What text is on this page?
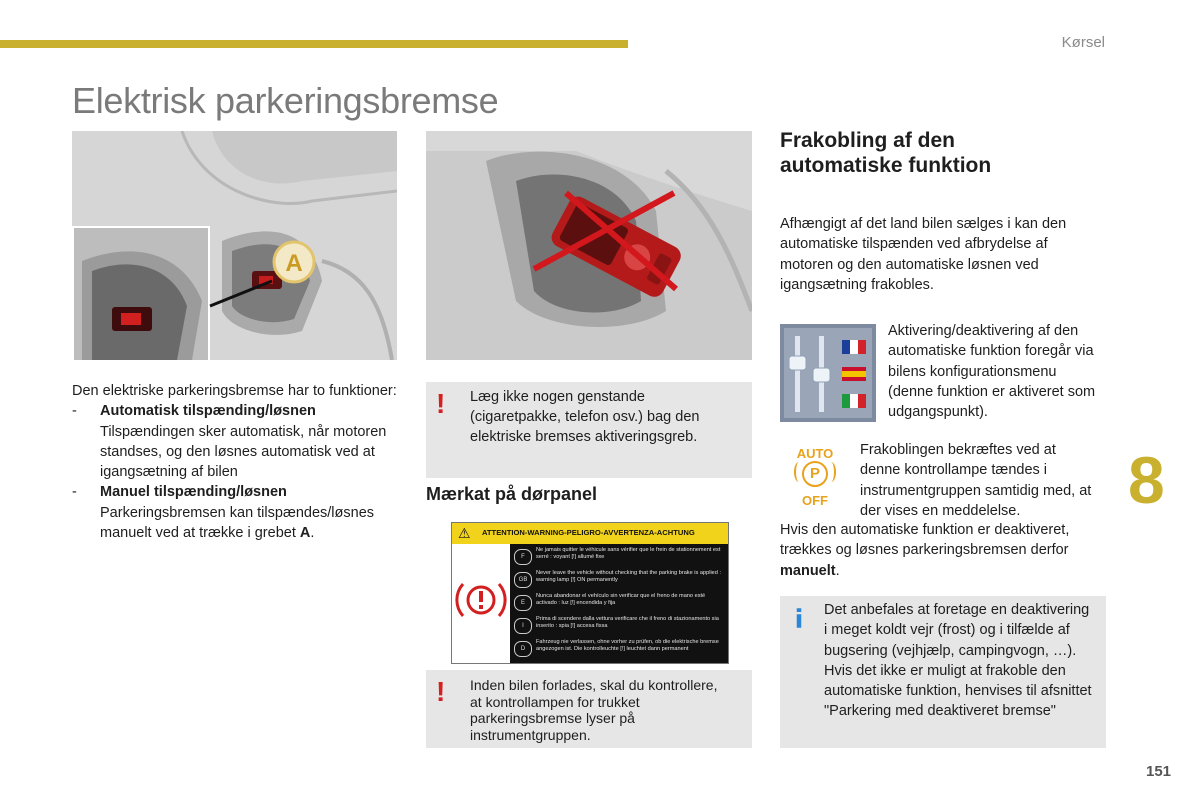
Kørsel
Elektrisk parkeringsbremse
A

Den elektriske parkeringsbremse har to funktioner:

- Automatisk tilspænding/løsnen
Tilspændingen sker automatisk, når motoren standses, og den løsnes automatisk ved at igangsætning af bilen
- Manuel tilspænding/løsnen
Parkeringsbremsen kan tilspændes/løsnes manuelt ved at trække i grebet A.
! Læg ikke nogen genstande (cigaretpakke, telefon osv.) bag den elektriske bremses aktiveringsgreb.
Mærkat på dørpanel
⚠ ATTENTION-WARNING-PELIGRO-AVVERTENZA-ACHTUNG
F
Ne jamais quitter le véhicule sans vérifier que le frein de stationnement est serré : voyant [!] allumé fixe
GB
Never leave the vehicle without checking that the parking brake is applied : warning lamp [!] ON permanently
E
Nunca abandonar el vehículo sin verificar que el freno de mano esté activado : luz [!] encendida y fija
I
Prima di scendere dalla vettura verificare che il freno di stazionamento sia inserito : spia [!] accesa fissa
D
Fahrzeug nie verlassen, ohne vorher zu prüfen, ob die elektrische bremse angezogen ist. Die kontrolleuchte [!] leuchtet dann permanent
! Inden bilen forlades, skal du kontrollere, at kontrollampen for trukket parkeringsbremse lyser på instrumentgruppen.
Frakobling af den automatiske funktion
Afhængigt af det land bilen sælges i kan den automatiske tilspænden ved afbrydelse af motoren og den automatiske løsnen ved igangsætning frakobles.
Aktivering/deaktivering af den automatiske funktion foregår via bilens konfigurationsmenu (denne funktion er aktiveret som udgangspunkt).
AUTO
P
OFF
Frakoblingen bekræftes ved at denne kontrollampe tændes i instrumentgruppen samtidig med, at der vises en meddelelse.
Hvis den automatiske funktion er deaktiveret, trækkes og løsnes parkeringsbremsen derfor manuelt.
Det anbefales at foretage en deaktivering i meget koldt vejr (frost) og i tilfælde af bugsering (vejhjælp, campingvogn, …). Hvis det ikke er muligt at frakoble den automatiske funktion, henvises til afsnittet "Parkering med deaktiveret bremse"
8
151
